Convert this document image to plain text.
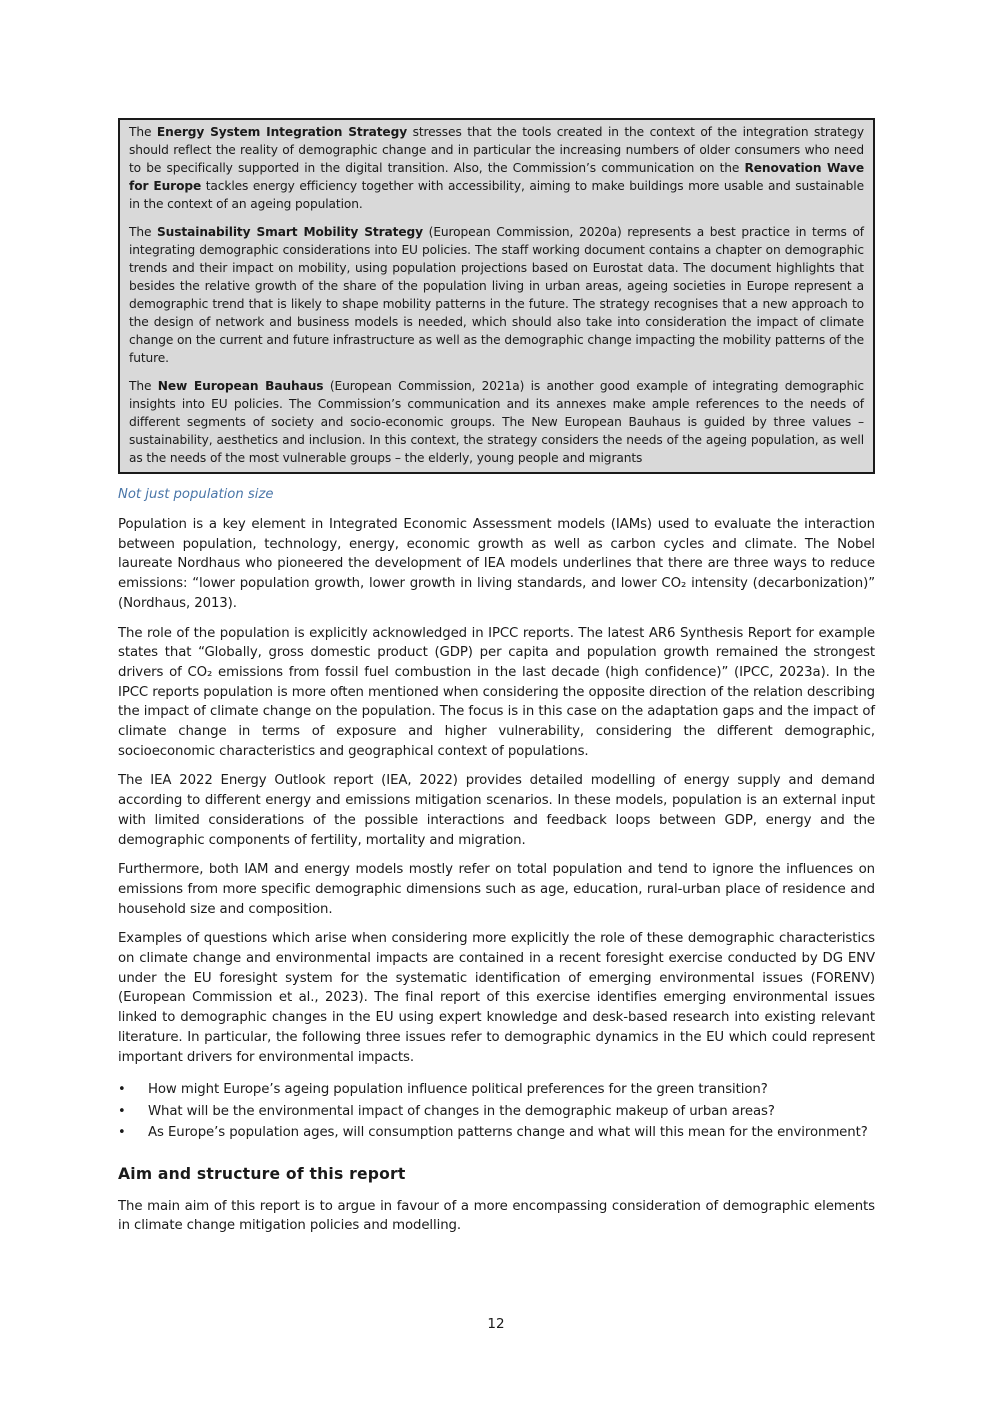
The Energy System Integration Strategy stresses that the tools created in the context of the integration strategy should reflect the reality of demographic change and in particular the increasing numbers of older consumers who need to be specifically supported in the digital transition. Also, the Commission’s communication on the Renovation Wave for Europe tackles energy efficiency together with accessibility, aiming to make buildings more usable and sustainable in the context of an ageing population.

The Sustainability Smart Mobility Strategy (European Commission, 2020a) represents a best practice in terms of integrating demographic considerations into EU policies. The staff working document contains a chapter on demographic trends and their impact on mobility, using population projections based on Eurostat data. The document highlights that besides the relative growth of the share of the population living in urban areas, ageing societies in Europe represent a demographic trend that is likely to shape mobility patterns in the future. The strategy recognises that a new approach to the design of network and business models is needed, which should also take into consideration the impact of climate change on the current and future infrastructure as well as the demographic change impacting the mobility patterns of the future.

The New European Bauhaus (European Commission, 2021a) is another good example of integrating demographic insights into EU policies. The Commission’s communication and its annexes make ample references to the needs of different segments of society and socio-economic groups. The New European Bauhaus is guided by three values – sustainability, aesthetics and inclusion. In this context, the strategy considers the needs of the ageing population, as well as the needs of the most vulnerable groups – the elderly, young people and migrants

Not just population size

Population is a key element in Integrated Economic Assessment models (IAMs) used to evaluate the interaction between population, technology, energy, economic growth as well as carbon cycles and climate. The Nobel laureate Nordhaus who pioneered the development of IEA models underlines that there are three ways to reduce emissions: “lower population growth, lower growth in living standards, and lower CO₂ intensity (decarbonization)” (Nordhaus, 2013).

The role of the population is explicitly acknowledged in IPCC reports. The latest AR6 Synthesis Report for example states that “Globally, gross domestic product (GDP) per capita and population growth remained the strongest drivers of CO₂ emissions from fossil fuel combustion in the last decade (high confidence)” (IPCC, 2023a). In the IPCC reports population is more often mentioned when considering the opposite direction of the relation describing the impact of climate change on the population. The focus is in this case on the adaptation gaps and the impact of climate change in terms of exposure and higher vulnerability, considering the different demographic, socioeconomic characteristics and geographical context of populations.

The IEA 2022 Energy Outlook report (IEA, 2022) provides detailed modelling of energy supply and demand according to different energy and emissions mitigation scenarios. In these models, population is an external input with limited considerations of the possible interactions and feedback loops between GDP, energy and the demographic components of fertility, mortality and migration.

Furthermore, both IAM and energy models mostly refer on total population and tend to ignore the influences on emissions from more specific demographic dimensions such as age, education, rural-urban place of residence and household size and composition.

Examples of questions which arise when considering more explicitly the role of these demographic characteristics on climate change and environmental impacts are contained in a recent foresight exercise conducted by DG ENV under the EU foresight system for the systematic identification of emerging environmental issues (FORENV) (European Commission et al., 2023). The final report of this exercise identifies emerging environmental issues linked to demographic changes in the EU using expert knowledge and desk-based research into existing relevant literature. In particular, the following three issues refer to demographic dynamics in the EU which could represent important drivers for environmental impacts.

• How might Europe’s ageing population influence political preferences for the green transition?
• What will be the environmental impact of changes in the demographic makeup of urban areas?
• As Europe’s population ages, will consumption patterns change and what will this mean for the environment?
Aim and structure of this report

The main aim of this report is to argue in favour of a more encompassing consideration of demographic elements in climate change mitigation policies and modelling.

12
